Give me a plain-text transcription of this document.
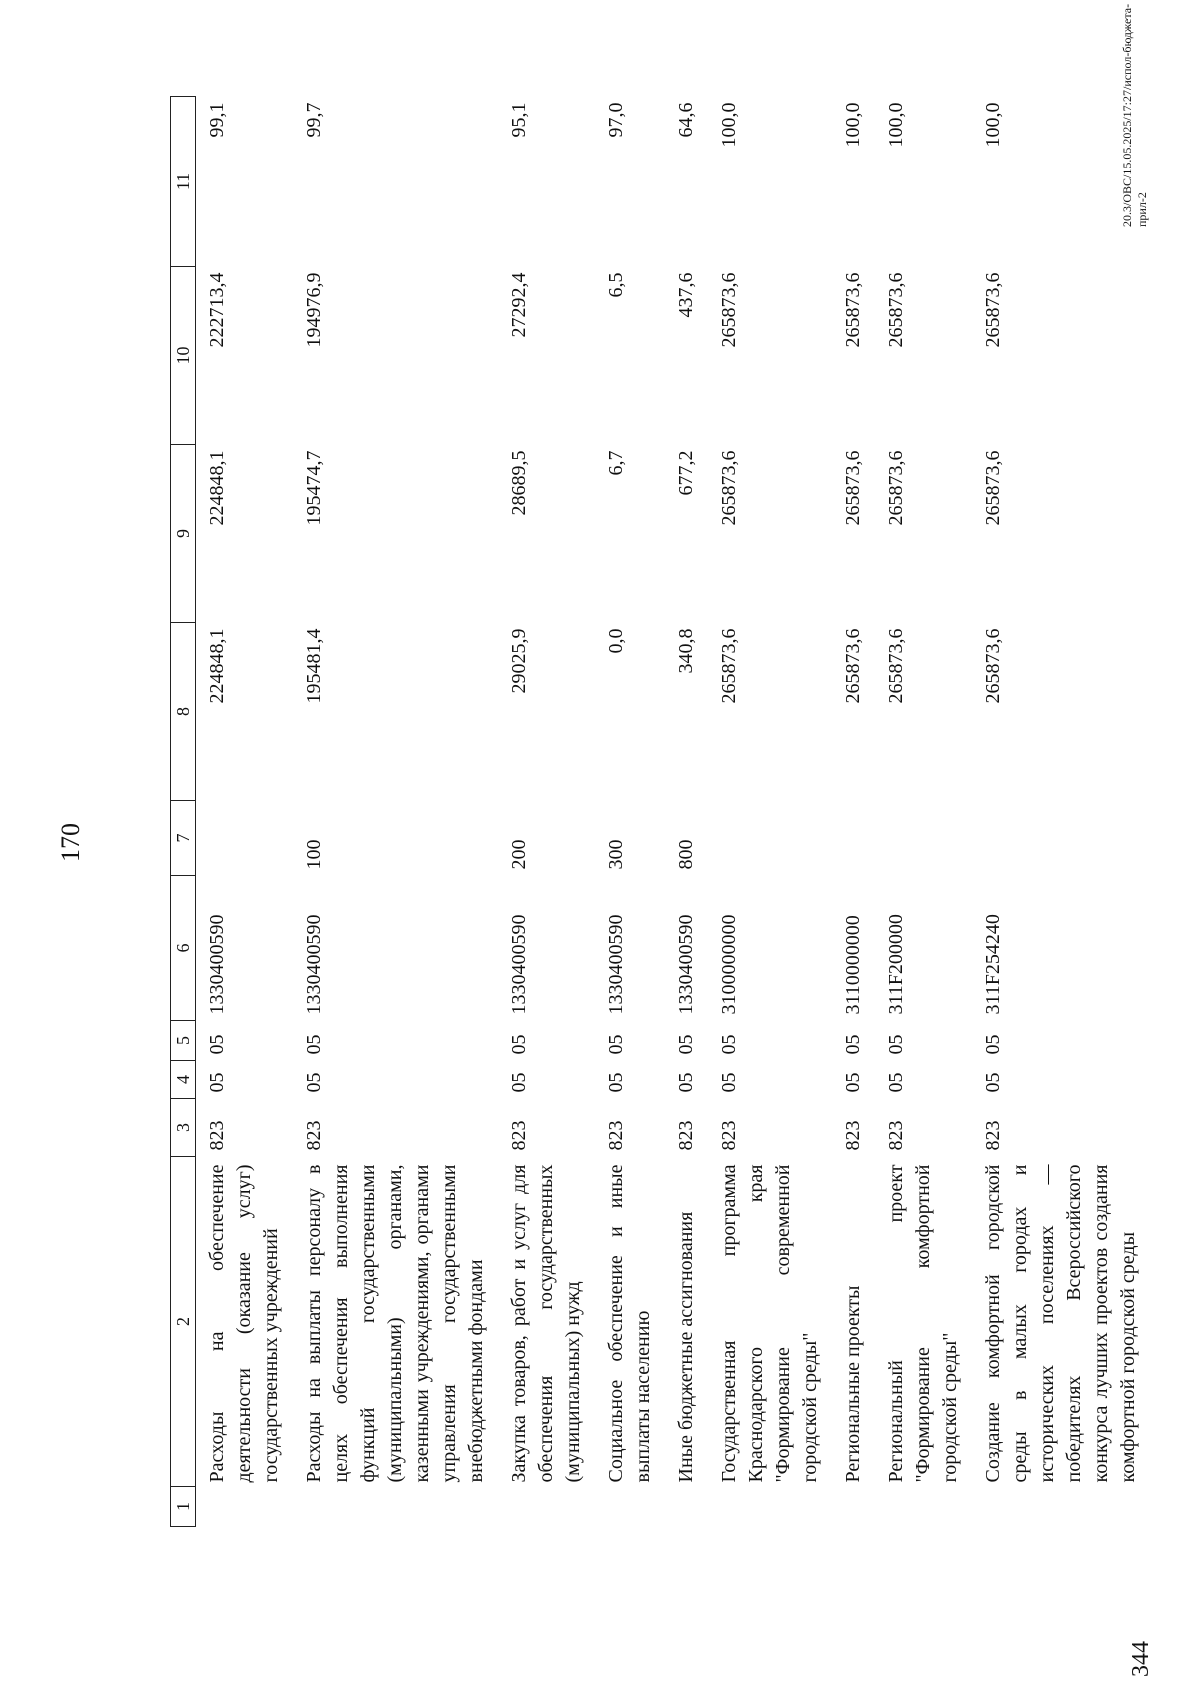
170
1	2	3	4	5	6	7	8	9	10	11
	Расходы на обеспечение деятельности (оказание услуг) государственных учреждений	823	05	05	1330400590		224848,1	224848,1	222713,4	99,1
	Расходы на выплаты персоналу в целях обеспечения выполнения функций государственными (муниципальными) органами, казенными учреждениями, органами управления государственными внебюджетными фондами	823	05	05	1330400590	100	195481,4	195474,7	194976,9	99,7
	Закупка товаров, работ и услуг для обеспечения государственных (муниципальных) нужд	823	05	05	1330400590	200	29025,9	28689,5	27292,4	95,1
	Социальное обеспечение и иные выплаты населению	823	05	05	1330400590	300	0,0	6,7	6,5	97,0
	Иные бюджетные ассигнования	823	05	05	1330400590	800	340,8	677,2	437,6	64,6
	Государственная программа Краснодарского края "Формирование современной городской среды"	823	05	05	3100000000		265873,6	265873,6	265873,6	100,0
	Региональные проекты	823	05	05	3110000000		265873,6	265873,6	265873,6	100,0
	Региональный проект "Формирование комфортной городской среды"	823	05	05	311F200000		265873,6	265873,6	265873,6	100,0
	Создание комфортной городской среды в малых городах и исторических поселениях — победителях Всероссийского конкурса лучших проектов создания комфортной городской среды	823	05	05	311F254240		265873,6	265873,6	265873,6	100,0	20.3/ОВС/15.05.2025/17:27/испол-бюджета-прил-2
344
